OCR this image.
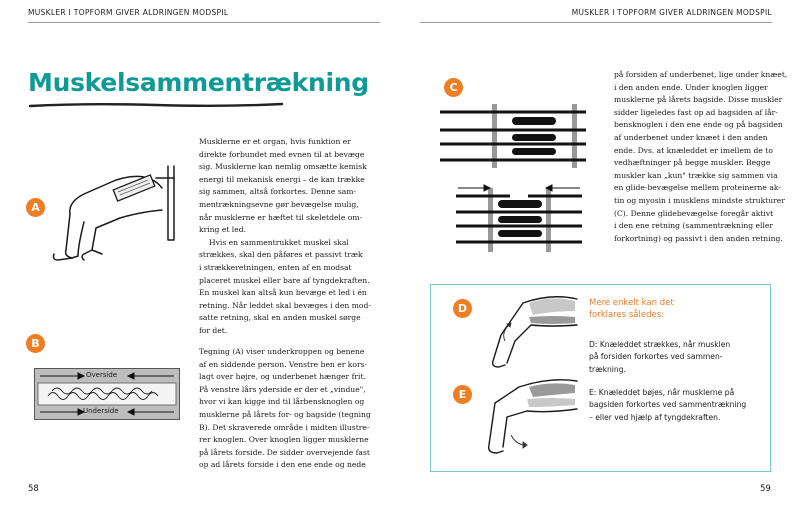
MUSKLER I TOPFORM GIVER ALDRINGEN MODSPIL	MUSKLER I TOPFORM GIVER ALDRINGEN MODSPIL
Muskelsammentrækning
A
B
Overside
Underside

Musklerne er et organ, hvis funktion er

direkte forbundet med evnen til at bevæge

sig. Musklerne kan nemlig omsætte kemisk

energi til mekanisk energi – de kan trække

sig sammen, altså forkortes. Denne sam-

mentrækningsevne gør bevægelse mulig,

når musklerne er hæftet til skeletdele om-

kring et led.

Hvis en sammentrukket muskel skal

strækkes, skal den påføres et passivt træk

i strækkeretningen, enten af en modsat

placeret muskel eller bare af tyngdekraften.

En muskel kan altså kun bevæge et led i én

retning. Når leddet skal bevæges i den mod-

satte retning, skal en anden muskel sørge

for det.

Tegning (A) viser underkroppen og benene

af en siddende person. Venstre ben er kors-

lagt over højre, og underbenet hænger frit.

På venstre lårs yderside er der et „vindue",

hvor vi kan kigge ind til lårbensknoglen og

musklerne på lårets for- og bagside (tegning

B). Det skraverede område i midten illustre-

rer knoglen. Over knoglen ligger musklerne

på lårets forside. De sidder overvejende fast

op ad lårets forside i den ene ende og nede

58
C

på forsiden af underbenet, lige under knæet,

i den anden ende. Under knoglen ligger

musklerne på lårets bagside. Disse muskler

sidder ligeledes fast op ad bagsiden af lår-

bensknoglen i den ene ende og på bagsiden

af underbenet under knæet i den anden

ende. Dvs. at knæleddet er imellem de to

vedhæftninger på begge muskler. Begge

muskler kan „kun" trække sig sammen via

en glide-bevægelse mellem proteinerne ak-

tin og myosin i musklens mindste strukturer

(C). Denne glidebevægelse foregår aktivt

i den ene retning (sammentrækning eller

forkortning) og passivt i den anden retning.

D
E
Mere enkelt kan det
forklares således:
D: Knæleddet strækkes, når musklen
på forsiden forkortes ved sammen-
trækning.
E: Knæleddet bøjes, når musklerne på
bagsiden forkortes ved sammentrækning
– eller ved hjælp af tyngdekraften.
59
